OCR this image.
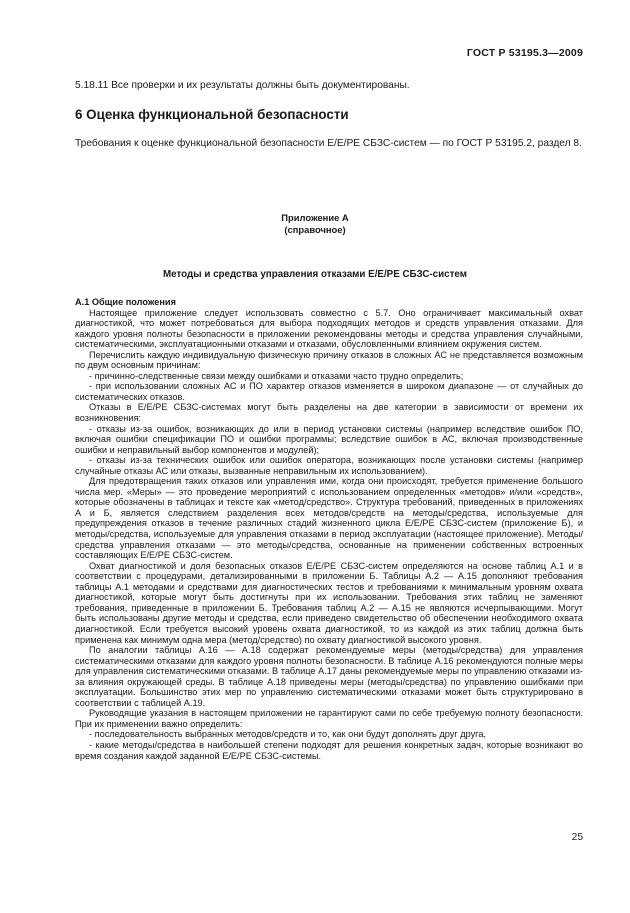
ГОСТ Р 53195.3—2009
5.18.11 Все проверки и их результаты должны быть документированы.
6 Оценка функциональной безопасности
Требования к оценке функциональной безопасности Е/Е/РЕ СБЗС-систем — по ГОСТ Р 53195.2, раздел 8.
Приложение А
(справочное)
Методы и средства управления отказами Е/Е/РЕ СБЗС-систем

А.1 Общие положения

Настоящее приложение следует использовать совместно с 5.7. Оно ограничивает максимальный охват диагностикой, что может потребоваться для выбора подходящих методов и средств управления отказами. Для каждого уровня полноты безопасности в приложении рекомендованы методы и средства управления случайными, систематическими, эксплуатационными отказами и отказами, обусловленными влиянием окружения систем.

Перечислить каждую индивидуальную физическую причину отказов в сложных АС не представляется возможным по двум основным причинам:

- причинно-следственные связи между ошибками и отказами часто трудно определить;

- при использовании сложных АС и ПО характер отказов изменяется в широком диапазоне — от случайных до систематических отказов.

Отказы в Е/Е/РЕ СБЗС-системах могут быть разделены на две категории в зависимости от времени их возникновения:

- отказы из-за ошибок, возникающих до или в период установки системы (например вследствие ошибок ПО, включая ошибки спецификации ПО и ошибки программы; вследствие ошибок в АС, включая производственные ошибки и неправильный выбор компонентов и модулей);

- отказы из-за технических ошибок или ошибок оператора, возникающих после установки системы (например случайные отказы АС или отказы, вызванные неправильным их использованием).

Для предотвращения таких отказов или управления ими, когда они происходят, требуется применение большого числа мер. «Меры» — это проведение мероприятий с использованием определенных «методов» и/или «средств», которые обозначены в таблицах и тексте как «метод/средство». Структура требований, приведенных в приложениях А и Б, является следствием разделения всех методов/средств на методы/средства, используемые для предупреждения отказов в течение различных стадий жизненного цикла Е/Е/РЕ СБЗС-систем (приложение Б), и методы/средства, используемые для управления отказами в период эксплуатации (настоящее приложение). Методы/средства управления отказами — это методы/средства, основанные на применении собственных встроенных составляющих Е/Е/РЕ СБЗС-систем.

Охват диагностикой и доля безопасных отказов Е/Е/РЕ СБЗС-систем определяются на основе таблиц А.1 и в соответствии с процедурами, детализированными в приложении Б. Таблицы А.2 — А.15 дополняют требования таблицы А.1 методами и средствами для диагностических тестов и требованиями к минимальным уровням охвата диагностикой, которые могут быть достигнуты при их использовании. Требования этих таблиц не заменяют требования, приведенные в приложении Б. Требования таблиц А.2 — А.15 не являются исчерпывающими. Могут быть использованы другие методы и средства, если приведено свидетельство об обеспечении необходимого охвата диагностикой. Если требуется высокий уровень охвата диагностикой, то из каждой из этих таблиц должна быть применена как минимум одна мера (метод/средство) по охвату диагностикой высокого уровня.

По аналогии таблицы А.16 — А.18 содержат рекомендуемые меры (методы/средства) для управления систематическими отказами для каждого уровня полноты безопасности. В таблице А.16 рекомендуются полные меры для управления систематическими отказами. В таблице А.17 даны рекомендуемые меры по управлению отказами из-за влияния окружающей среды. В таблице А.18 приведены меры (методы/средства) по управлению ошибками при эксплуатации. Большинство этих мер по управлению систематическими отказами может быть структурировано в соответствии с таблицей А.19.

Руководящие указания в настоящем приложении не гарантируют сами по себе требуемую полноту безопасности. При их применении важно определить:

- последовательность выбранных методов/средств и то, как они будут дополнять друг друга,

- какие методы/средства в наибольшей степени подходят для решения конкретных задач, которые возникают во время создания каждой заданной Е/Е/РЕ СБЗС-системы.

25
